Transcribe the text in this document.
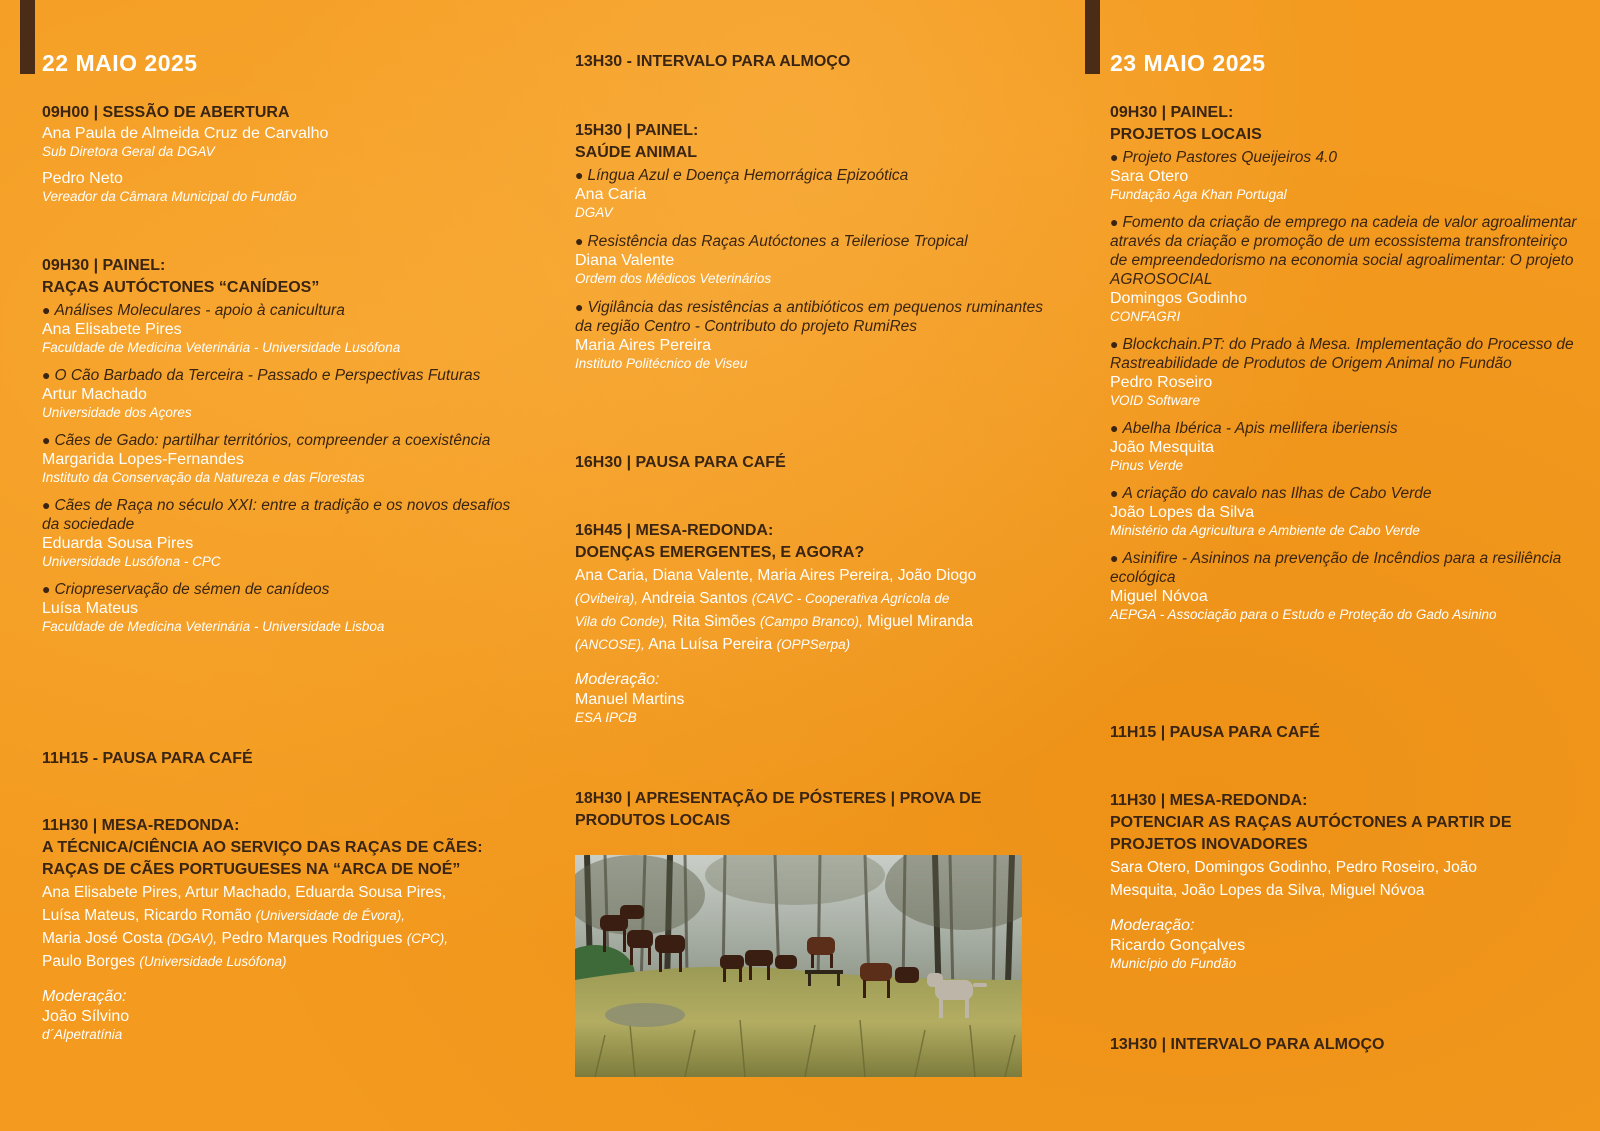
22 MAIO 2025
09H00 | SESSÃO DE ABERTURA
Ana Paula de Almeida Cruz de Carvalho
Sub Diretora Geral da DGAV
Pedro Neto
Vereador da Câmara Municipal do Fundão
09H30 | PAINEL:
RAÇAS AUTÓCTONES “CANÍDEOS”
● Análises Moleculares - apoio à canicultura
Ana Elisabete Pires
Faculdade de Medicina Veterinária - Universidade Lusófona
● O Cão Barbado da Terceira - Passado e Perspectivas Futuras
Artur Machado
Universidade dos Açores
● Cães de Gado: partilhar territórios, compreender a coexistência
Margarida Lopes-Fernandes
Instituto da Conservação da Natureza e das Florestas
● Cães de Raça no século XXI: entre a tradição e os novos desafios da sociedade
Eduarda Sousa Pires
Universidade Lusófona - CPC
● Criopreservação de sémen de canídeos
Luísa Mateus
Faculdade de Medicina Veterinária - Universidade Lisboa
11H15 - PAUSA PARA CAFÉ
11H30 | MESA-REDONDA:
A TÉCNICA/CIÊNCIA AO SERVIÇO DAS RAÇAS DE CÃES:
RAÇAS DE CÃES PORTUGUESES NA “ARCA DE NOÉ”
Ana Elisabete Pires, Artur Machado, Eduarda Sousa Pires,
Luísa Mateus, Ricardo Romão (Universidade de Évora),
Maria José Costa (DGAV), Pedro Marques Rodrigues (CPC),
Paulo Borges (Universidade Lusófona)
Moderação:
João Sílvino
d´Alpetratínia
13H30 - INTERVALO PARA ALMOÇO
15H30 | PAINEL:
SAÚDE ANIMAL
● Língua Azul e Doença Hemorrágica Epizoótica
Ana Caria
DGAV
● Resistência das Raças Autóctones a Teileriose Tropical
Diana Valente
Ordem dos Médicos Veterinários
● Vigilância das resistências a antibióticos em pequenos ruminantes da região Centro - Contributo do projeto RumiRes
Maria Aires Pereira
Instituto Politécnico de Viseu
16H30 | PAUSA PARA CAFÉ
16H45 | MESA-REDONDA:
DOENÇAS EMERGENTES, E AGORA?
Ana Caria, Diana Valente, Maria Aires Pereira, João Diogo
(Ovibeira), Andreia Santos (CAVC - Cooperativa Agrícola de
Vila do Conde), Rita Simões (Campo Branco), Miguel Miranda
(ANCOSE), Ana Luísa Pereira (OPPSerpa)
Moderação:
Manuel Martins
ESA IPCB
18H30 | APRESENTAÇÃO DE PÓSTERES | PROVA DE
PRODUTOS LOCAIS
23 MAIO 2025
09H30 | PAINEL:
PROJETOS LOCAIS
● Projeto Pastores Queijeiros 4.0
Sara Otero
Fundação Aga Khan Portugal
● Fomento da criação de emprego na cadeia de valor agroalimentar através da criação e promoção de um ecossistema transfronteiriço de empreendedorismo na economia social agroalimentar: O projeto AGROSOCIAL
Domingos Godinho
CONFAGRI
● Blockchain.PT: do Prado à Mesa. Implementação do Processo de Rastreabilidade de Produtos de Origem Animal no Fundão
Pedro Roseiro
VOID Software
● Abelha Ibérica - Apis mellifera iberiensis
João Mesquita
Pinus Verde
● A criação do cavalo nas Ilhas de Cabo Verde
João Lopes da Silva
Ministério da Agricultura e Ambiente de Cabo Verde
● Asinifire - Asininos na prevenção de Incêndios para a resiliência ecológica
Miguel Nóvoa
AEPGA - Associação para o Estudo e Proteção do Gado Asinino
11H15 | PAUSA PARA CAFÉ
11H30 | MESA-REDONDA:
POTENCIAR AS RAÇAS AUTÓCTONES A PARTIR DE
PROJETOS INOVADORES
Sara Otero, Domingos Godinho, Pedro Roseiro, João
Mesquita, João Lopes da Silva, Miguel Nóvoa
Moderação:
Ricardo Gonçalves
Município do Fundão
13H30 | INTERVALO PARA ALMOÇO
